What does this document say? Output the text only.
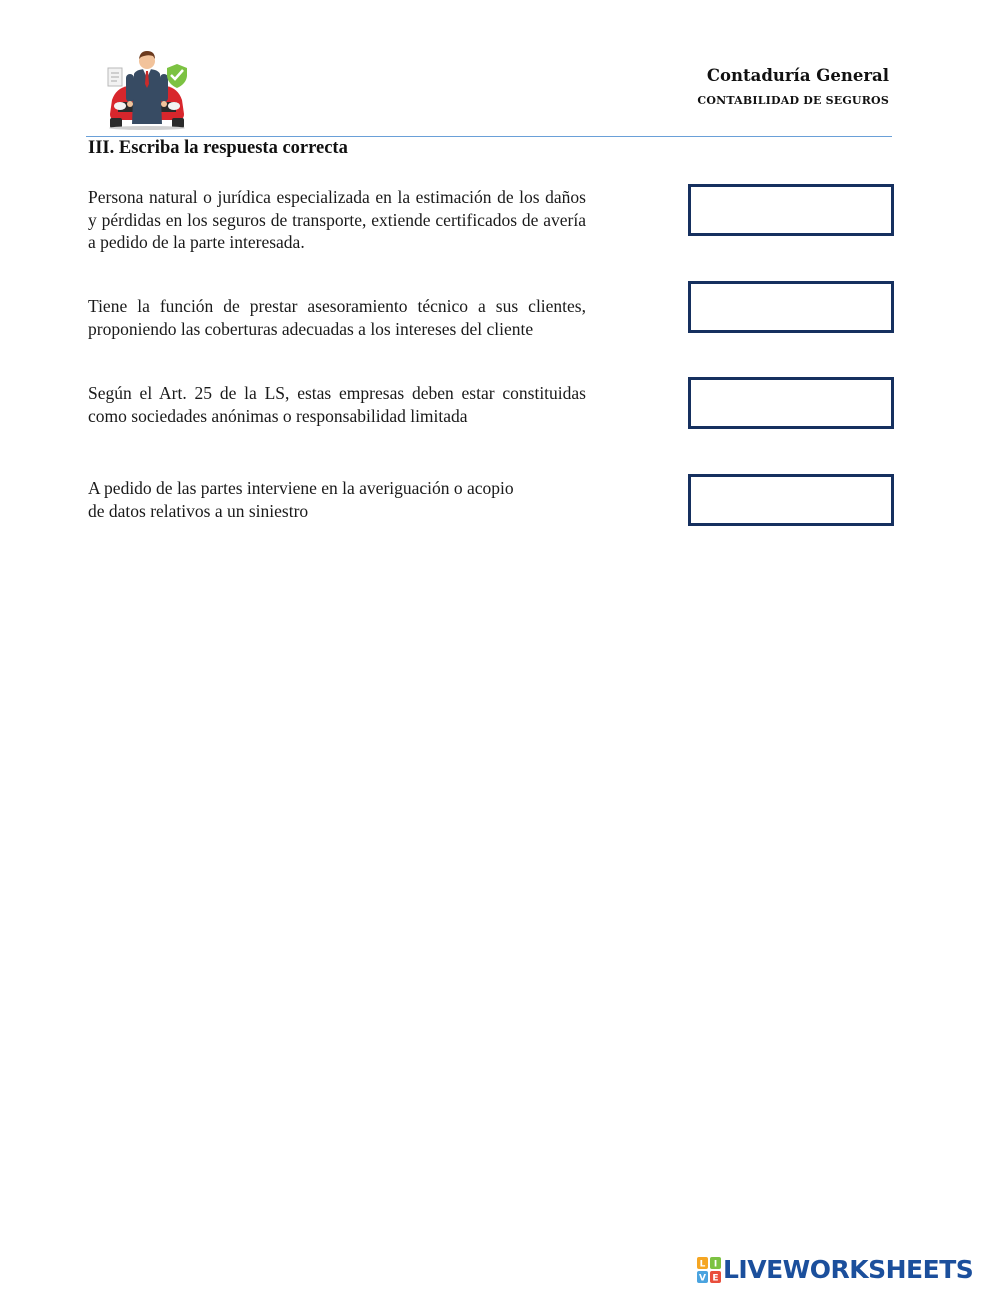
Contaduría General
CONTABILIDAD DE SEGUROS
III. Escriba la respuesta correcta
Persona natural o jurídica especializada en la estimación de los daños y pérdidas en los seguros de transporte, extiende certificados de avería a pedido de la parte interesada.
Tiene la función de prestar asesoramiento técnico a sus clientes, proponiendo las coberturas adecuadas a los intereses del cliente
Según el Art. 25 de la LS, estas empresas deben estar constituidas como sociedades anónimas o responsabilidad limitada
A pedido de las partes interviene en la averiguación o acopio de datos relativos a un siniestro
L I
V E LIVEWORKSHEETS
